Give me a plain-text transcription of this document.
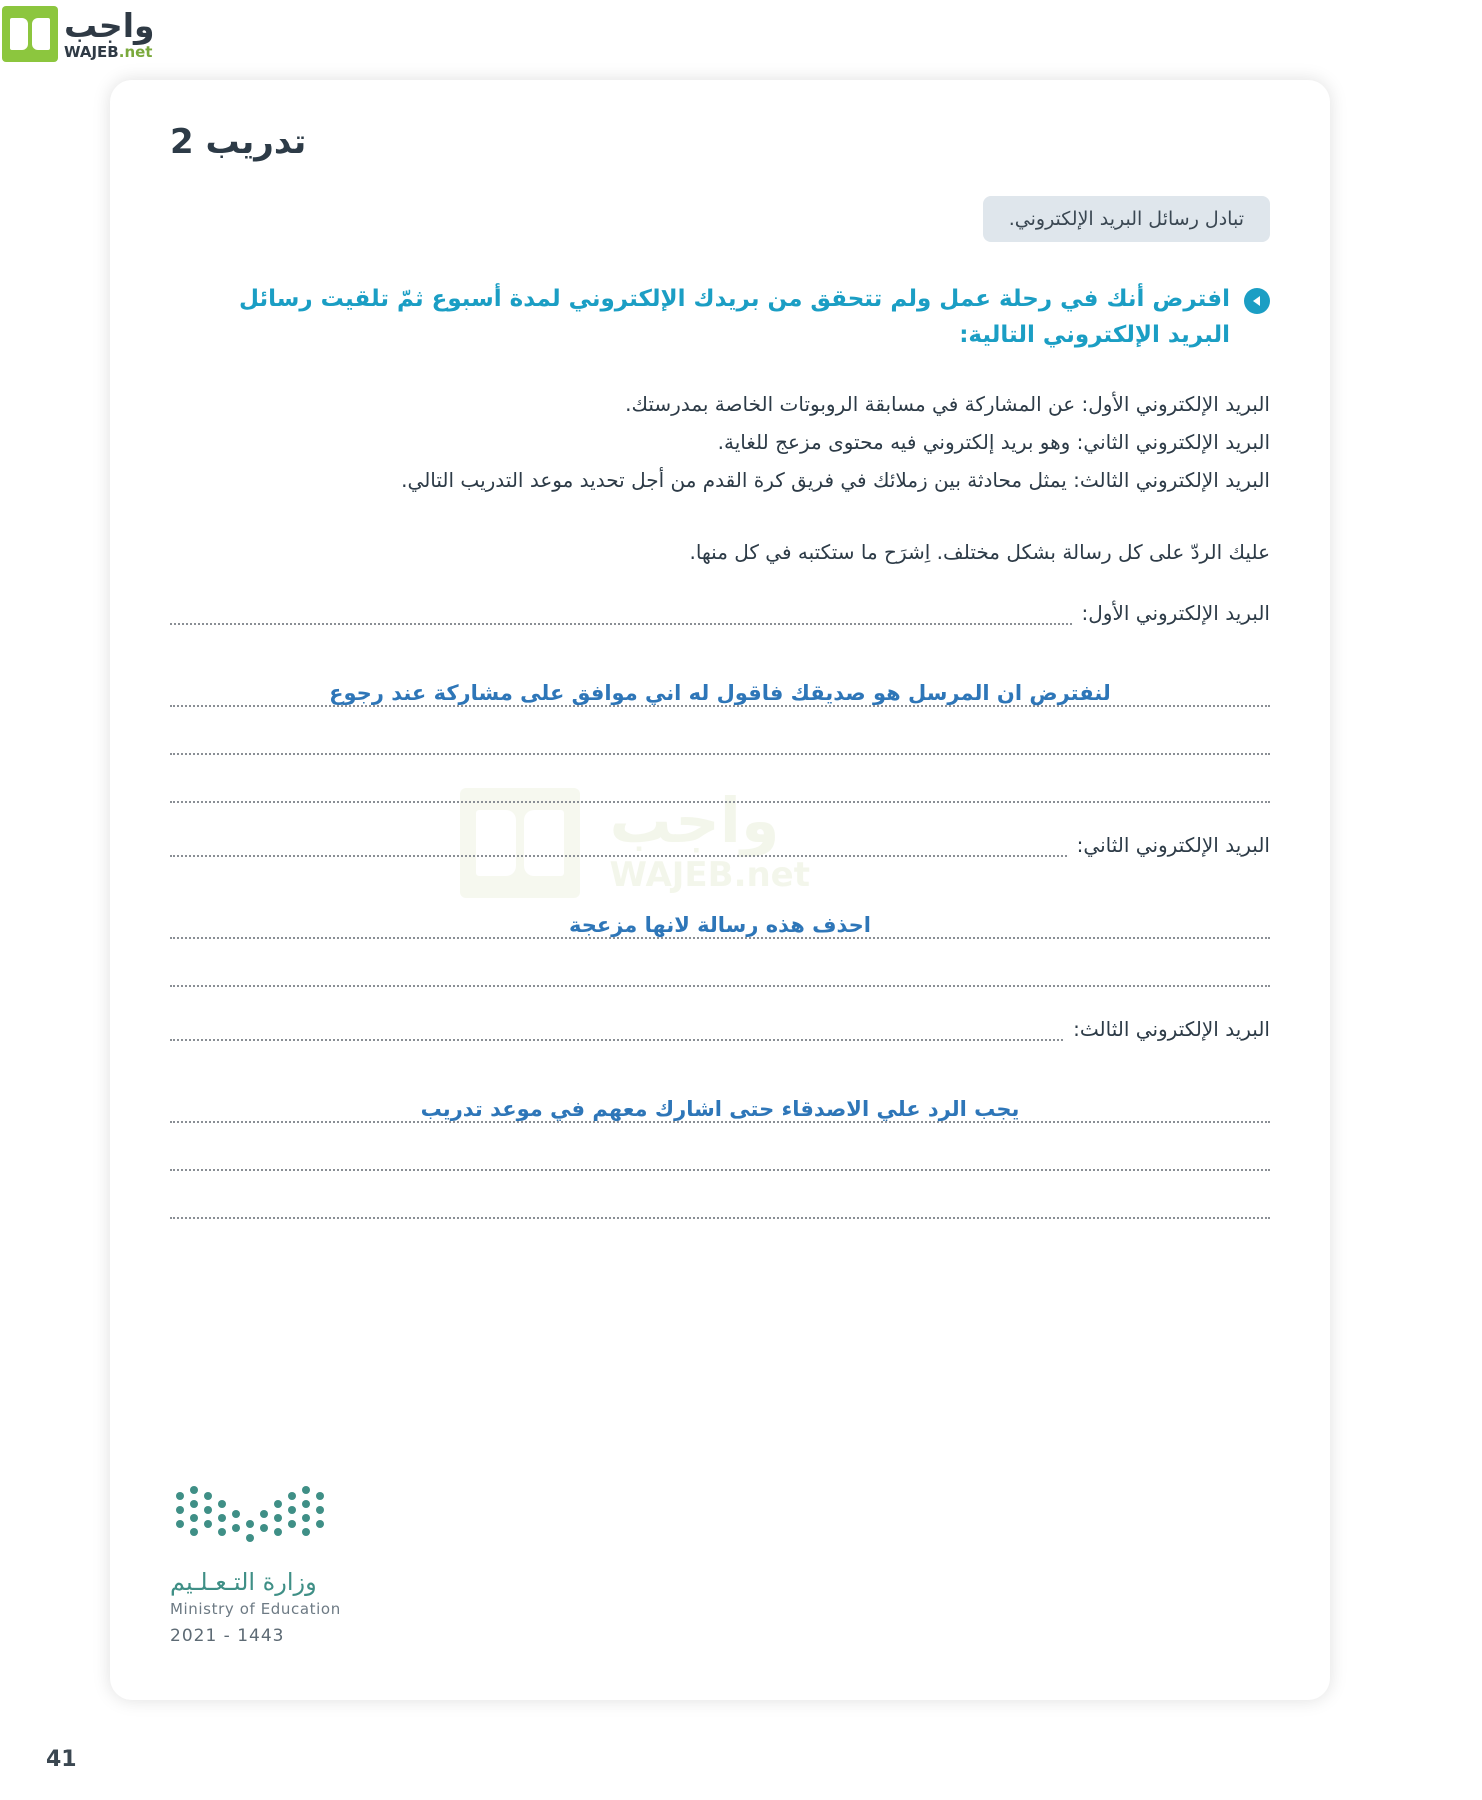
واجب
WAJEB.net
واجب
WAJEB.net
تدريب 2
تبادل رسائل البريد الإلكتروني.
افترض أنك في رحلة عمل ولم تتحقق من بريدك الإلكتروني لمدة أسبوع ثمّ تلقيت رسائل البريد الإلكتروني التالية:
البريد الإلكتروني الأول: عن المشاركة في مسابقة الروبوتات الخاصة بمدرستك.
البريد الإلكتروني الثاني: وهو بريد إلكتروني فيه محتوى مزعج للغاية.
البريد الإلكتروني الثالث: يمثل محادثة بين زملائك في فريق كرة القدم من أجل تحديد موعد التدريب التالي.
عليك الردّ على كل رسالة بشكل مختلف. اِشرَح ما ستكتبه في كل منها.
البريد الإلكتروني الأول:
لنفترض ان المرسل هو صديقك فاقول له اني موافق على مشاركة عند رجوع
البريد الإلكتروني الثاني:
احذف هذه رسالة لانها مزعجة
البريد الإلكتروني الثالث:
يجب الرد علي الاصدقاء حتى اشارك معهم في موعد تدريب
وزارة التـعـلـيم
Ministry of Education
2021 - 1443
41
